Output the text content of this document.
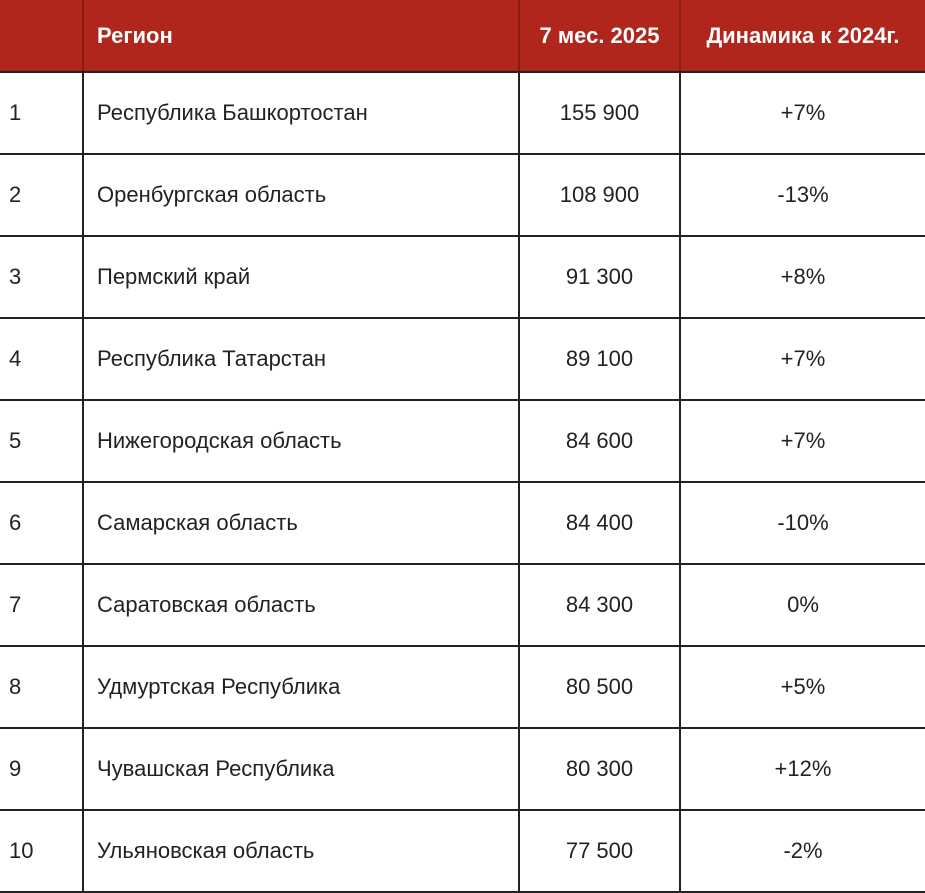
	Регион	7 мес. 2025	Динамика к 2024г.
1	Республика Башкортостан	155 900	+7%
2	Оренбургская область	108 900	-13%
3	Пермский край	91 300	+8%
4	Республика Татарстан	89 100	+7%
5	Нижегородская область	84 600	+7%
6	Самарская область	84 400	-10%
7	Саратовская область	84 300	0%
8	Удмуртская Республика	80 500	+5%
9	Чувашская Республика	80 300	+12%
10	Ульяновская область	77 500	-2%
